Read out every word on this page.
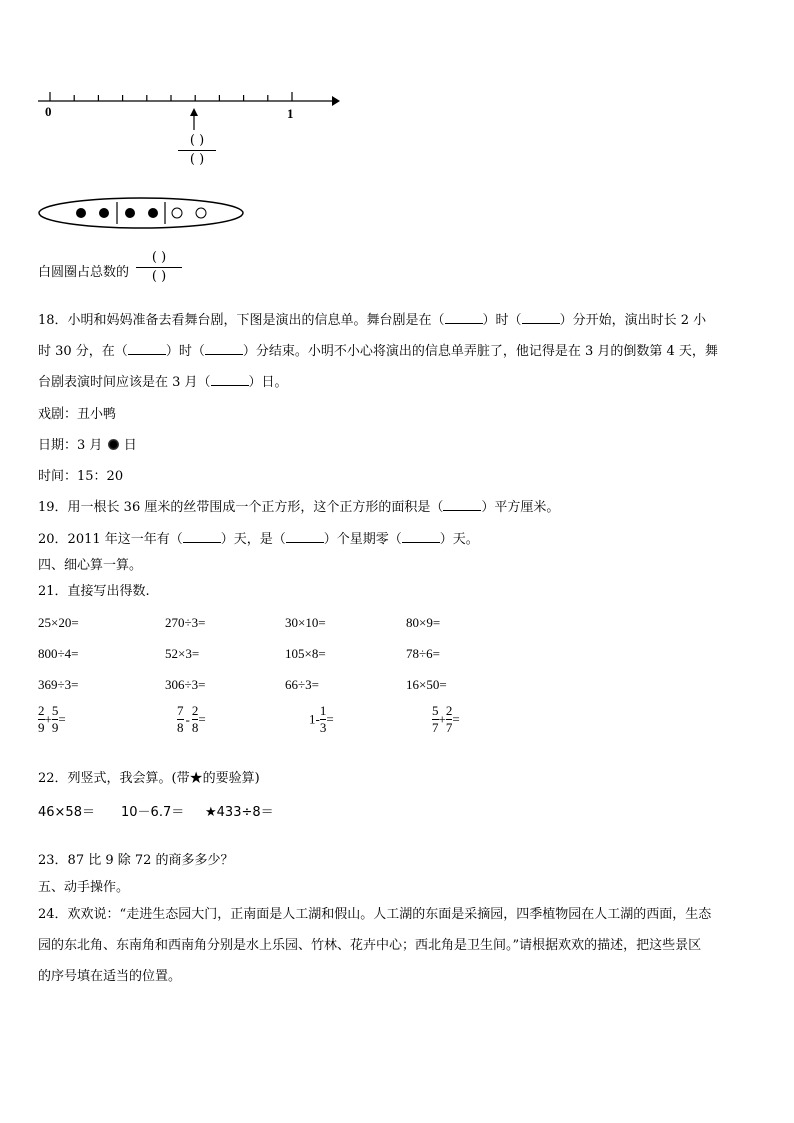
0	1
( )
( )
白圆圈占总数的
( )
( )
18．小明和妈妈准备去看舞台剧，下图是演出的信息单。舞台剧是在（	）时（	）分开始，演出时长 2 小
时 30 分，在（	）时（	）分结束。小明不小心将演出的信息单弄脏了，他记得是在 3 月的倒数第 4 天，舞
台剧表演时间应该是在 3 月（	）日。
戏剧：丑小鸭
日期：3 月 日
时间：15：20
19．用一根长 36 厘米的丝带围成一个正方形，这个正方形的面积是（	）平方厘米。
20．2011 年这一年有（	）天，是（	）个星期零（	）天。
四、细心算一算。
21．直接写出得数.
25×20=	270÷3=	30×10=	80×9=
800÷4=	52×3=	105×8=	78÷6=
369÷3=	306÷3=	66÷3=	16×50=
$\frac{2}{9} + \frac{5}{9}$ =	$\frac{7}{8} - \frac{2}{8}$ =	$1- \frac{1}{3}$ =	$\frac{5}{7} + \frac{2}{7}$ =
22．列竖式，我会算。(带★的要验算)
46×58＝ 10－6.7＝ ★433÷8＝
23．87 比 9 除 72 的商多多少？
五、动手操作。
24．欢欢说：“走进生态园大门，正南面是人工湖和假山。人工湖的东面是采摘园，四季植物园在人工湖的西面，生态
园的东北角、东南角和西南角分别是水上乐园、竹林、花卉中心；西北角是卫生间。”请根据欢欢的描述，把这些景区
的序号填在适当的位置。
